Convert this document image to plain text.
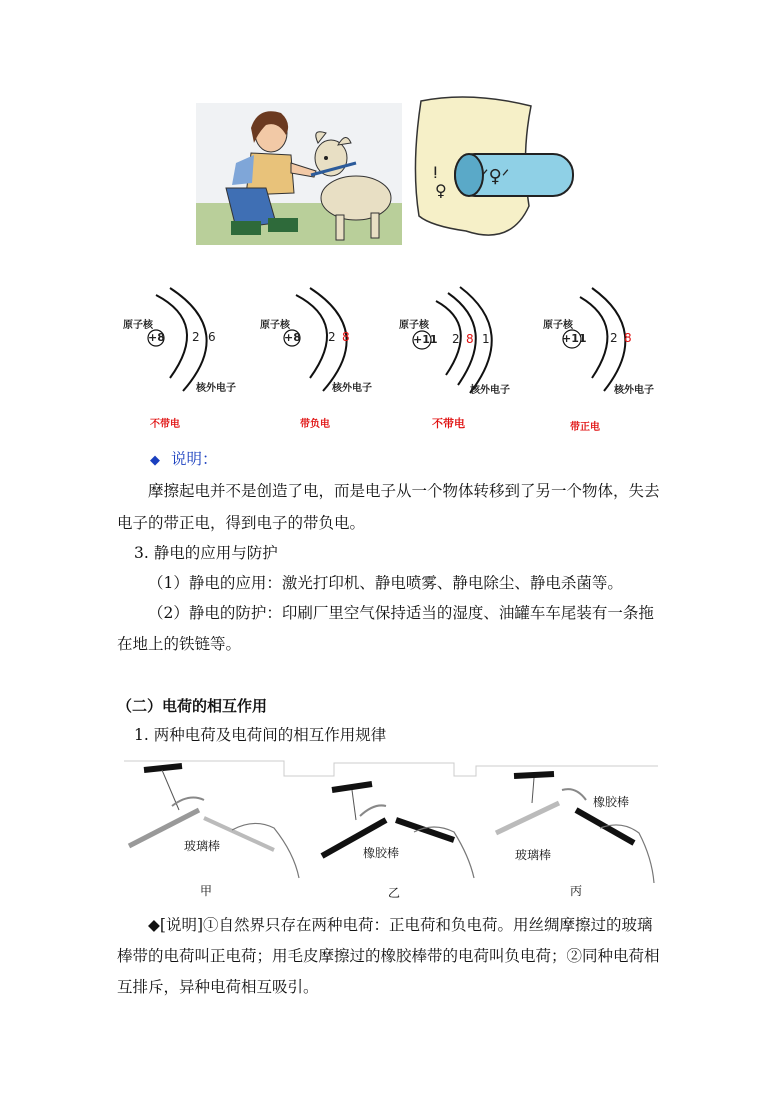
ᐟ♀ᐟ
ⵑ
♀
原子核
+8 2 6
核外电子
不带电
原子核
+8 2 8
核外电子
带负电
原子核
+11 2 8 1
核外电子
不带电
原子核
+11 2 8
核外电子
带正电
◆ 说明：
摩擦起电并不是创造了电，而是电子从一个物体转移到了另一个物体，失去
电子的带正电，得到电子的带负电。
3. 静电的应用与防护
（1）静电的应用：激光打印机、静电喷雾、静电除尘、静电杀菌等。
（2）静电的防护：印刷厂里空气保持适当的湿度、油罐车车尾装有一条拖
在地上的铁链等。
（二）电荷的相互作用
1. 两种电荷及电荷间的相互作用规律
玻璃棒	橡胶棒	玻璃棒
橡胶棒
甲	乙	丙
◆[说明]①自然界只存在两种电荷：正电荷和负电荷。用丝绸摩擦过的玻璃
棒带的电荷叫正电荷；用毛皮摩擦过的橡胶棒带的电荷叫负电荷；②同种电荷相
互排斥，异种电荷相互吸引。
